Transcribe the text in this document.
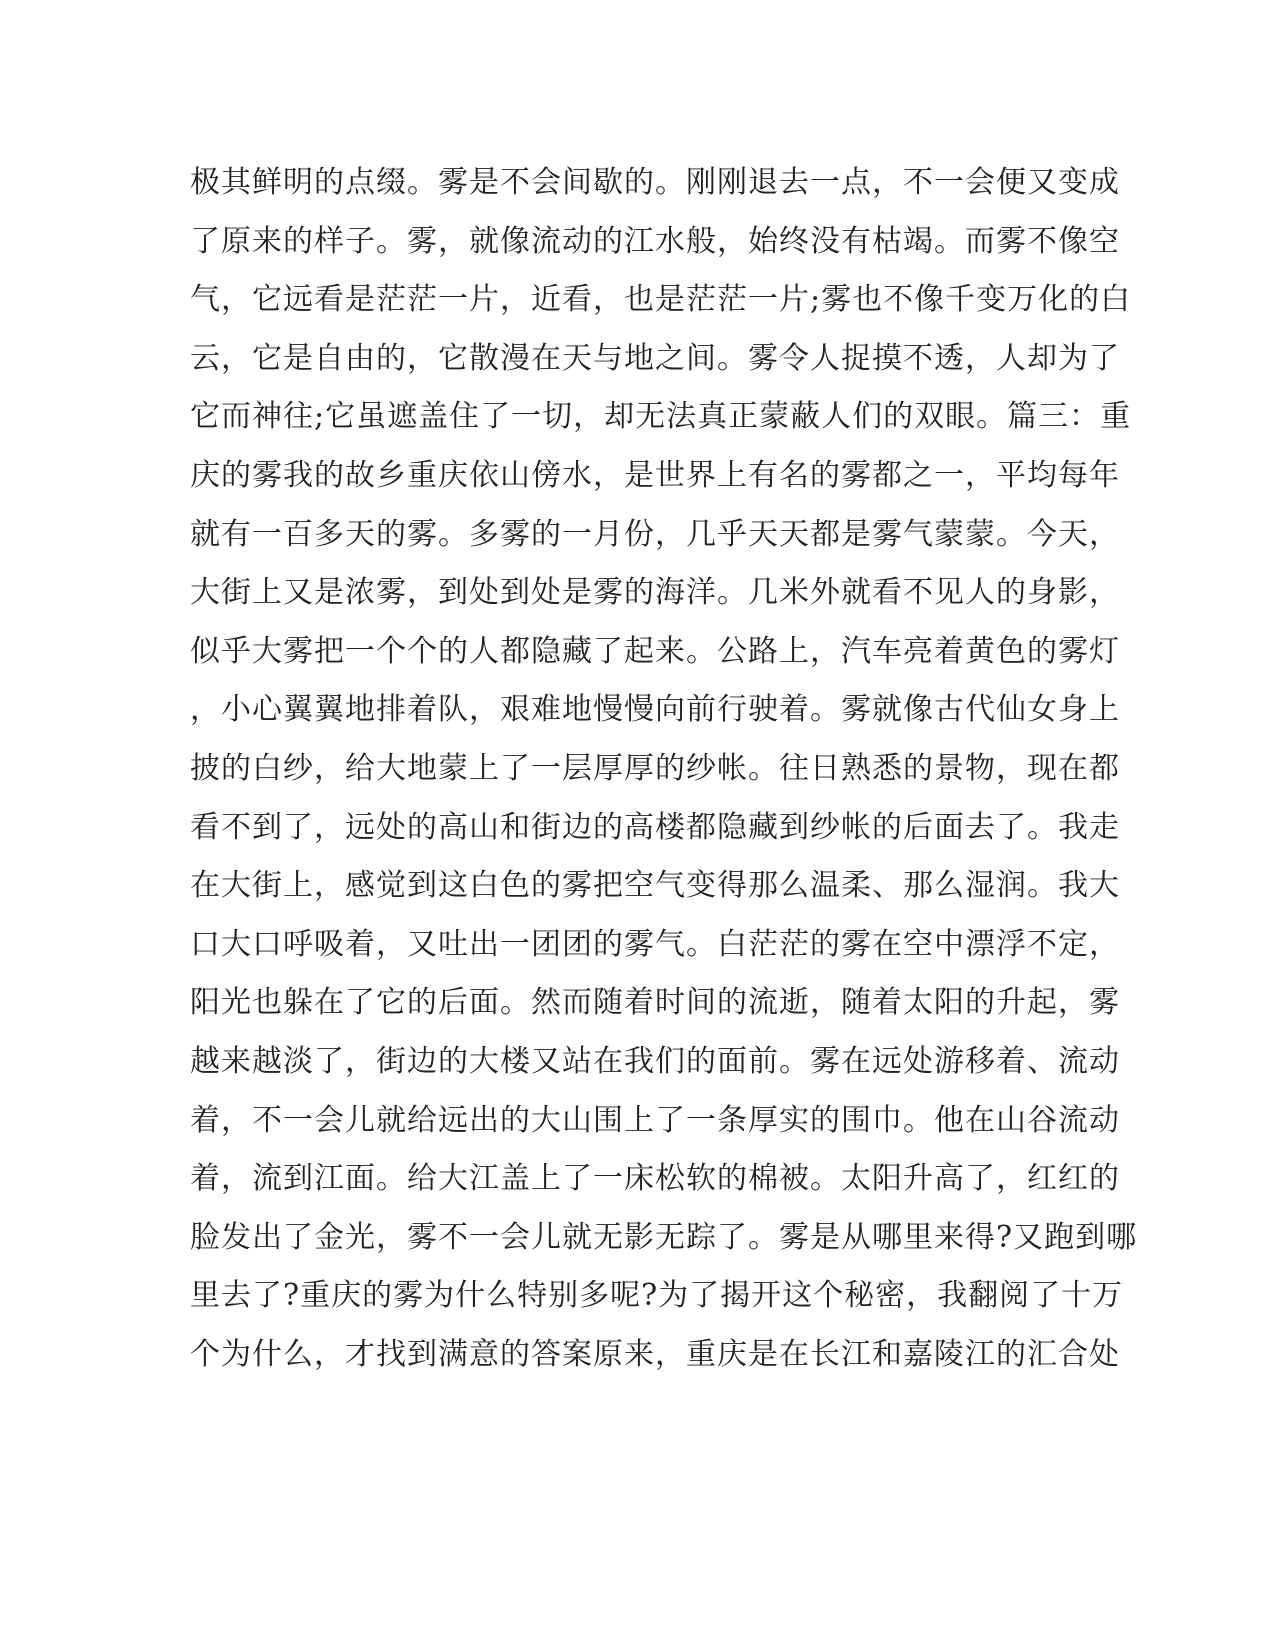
极其鲜明的点缀。雾是不会间歇的。刚刚退去一点，不一会便又变成
了原来的样子。雾，就像流动的江水般，始终没有枯竭。而雾不像空
气，它远看是茫茫一片，近看，也是茫茫一片;雾也不像千变万化的白
云，它是自由的，它散漫在天与地之间。雾令人捉摸不透，人却为了
它而神往;它虽遮盖住了一切，却无法真正蒙蔽人们的双眼。篇三：重
庆的雾我的故乡重庆依山傍水，是世界上有名的雾都之一，平均每年
就有一百多天的雾。多雾的一月份，几乎天天都是雾气蒙蒙。今天，
大街上又是浓雾，到处到处是雾的海洋。几米外就看不见人的身影，
似乎大雾把一个个的人都隐藏了起来。公路上，汽车亮着黄色的雾灯
，小心翼翼地排着队，艰难地慢慢向前行驶着。雾就像古代仙女身上
披的白纱，给大地蒙上了一层厚厚的纱帐。往日熟悉的景物，现在都
看不到了，远处的高山和街边的高楼都隐藏到纱帐的后面去了。我走
在大街上，感觉到这白色的雾把空气变得那么温柔、那么湿润。我大
口大口呼吸着，又吐出一团团的雾气。白茫茫的雾在空中漂浮不定，
阳光也躲在了它的后面。然而随着时间的流逝，随着太阳的升起，雾
越来越淡了，街边的大楼又站在我们的面前。雾在远处游移着、流动
着，不一会儿就给远出的大山围上了一条厚实的围巾。他在山谷流动
着，流到江面。给大江盖上了一床松软的棉被。太阳升高了，红红的
脸发出了金光，雾不一会儿就无影无踪了。雾是从哪里来得?又跑到哪
里去了?重庆的雾为什么特别多呢?为了揭开这个秘密，我翻阅了十万
个为什么，才找到满意的答案原来，重庆是在长江和嘉陵江的汇合处
